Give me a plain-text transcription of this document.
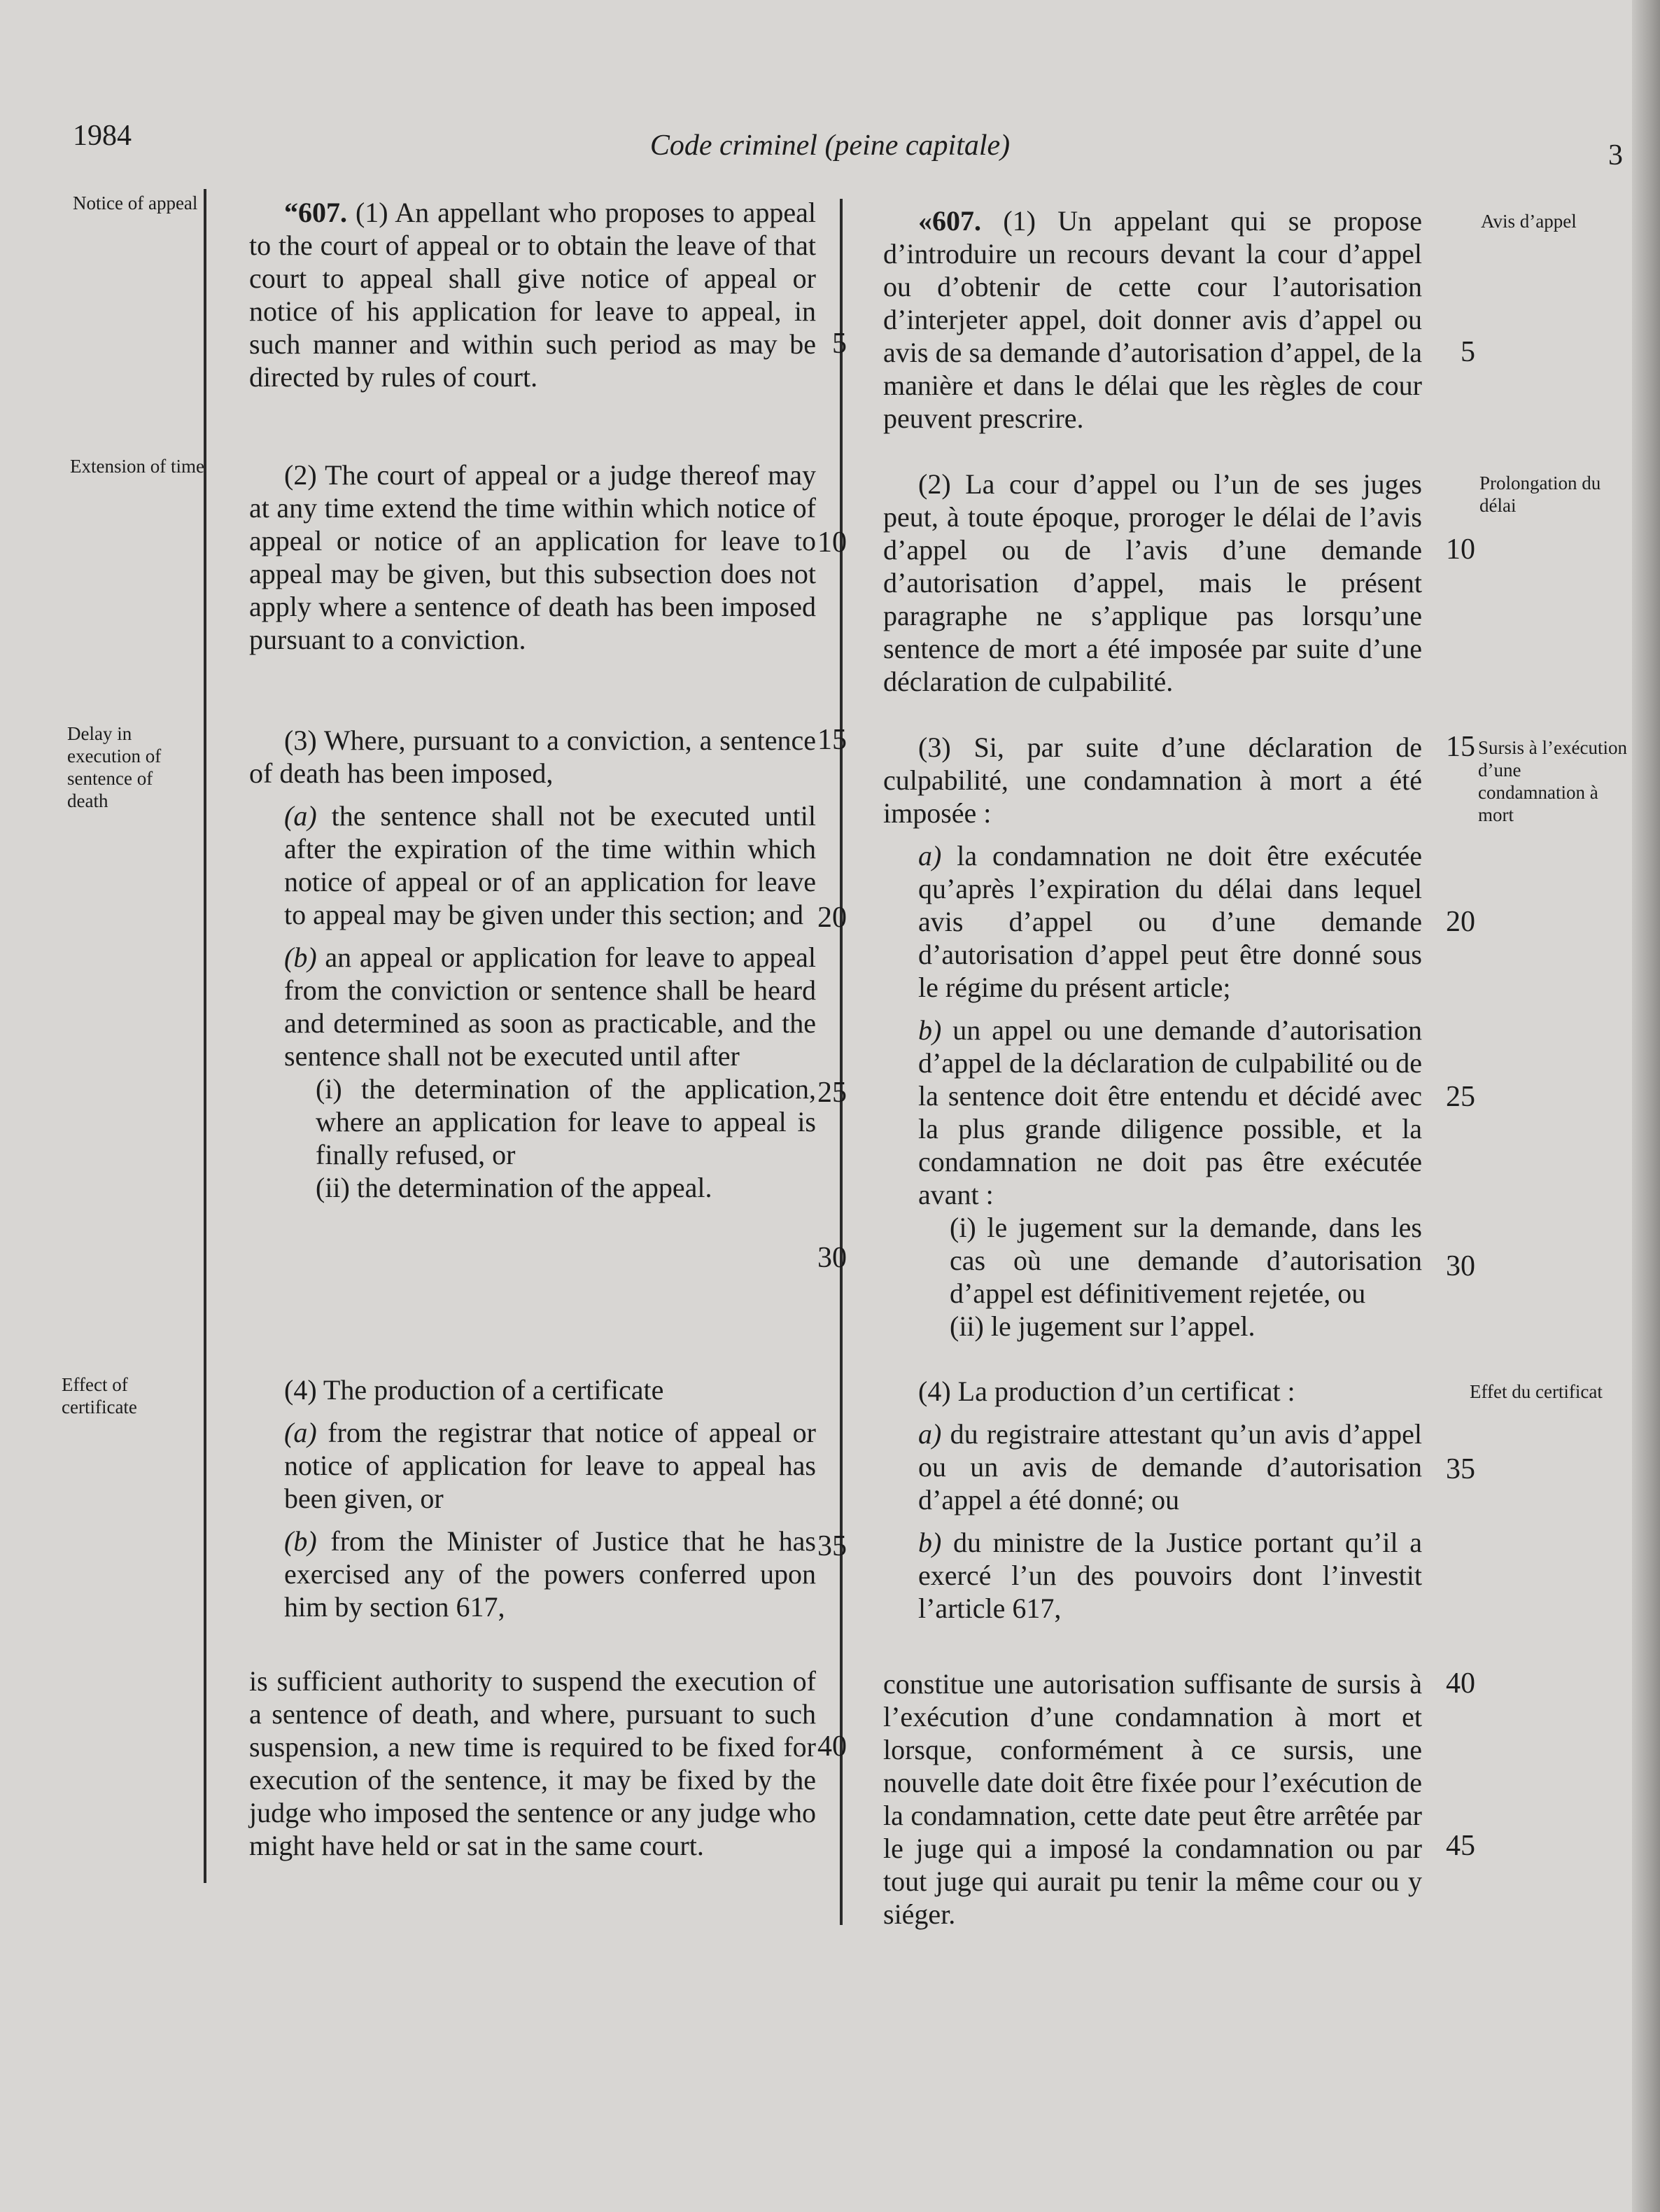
1984	Code criminel (peine capitale)	3
Notice of appeal
Extension of time
Delay in execution of sentence of death
Effect of certificate
Avis d’appel
Prolongation du délai
Sursis à l’exécution d’une condamnation à mort
Effet du certificat
5
10
15
20
25
30
35
40
5
10
15
20
25
30
35
40
45

“607. (1) An appellant who proposes to appeal to the court of appeal or to obtain the leave of that court to appeal shall give notice of appeal or notice of his application for leave to appeal, in such manner and within such period as may be directed by rules of court.

(2) The court of appeal or a judge thereof may at any time extend the time within which notice of appeal or notice of an application for leave to appeal may be given, but this subsection does not apply where a sentence of death has been imposed pursuant to a conviction.

(3) Where, pursuant to a conviction, a sentence of death has been imposed,

(a) the sentence shall not be executed until after the expiration of the time within which notice of appeal or of an application for leave to appeal may be given under this section; and

(b) an appeal or application for leave to appeal from the conviction or sentence shall be heard and determined as soon as practicable, and the sentence shall not be executed until after

(i) the determination of the application, where an application for leave to appeal is finally refused, or

(ii) the determination of the appeal.

(4) The production of a certificate

(a) from the registrar that notice of appeal or notice of application for leave to appeal has been given, or

(b) from the Minister of Justice that he has exercised any of the powers conferred upon him by section 617,

is sufficient authority to suspend the execution of a sentence of death, and where, pursuant to such suspension, a new time is required to be fixed for execution of the sentence, it may be fixed by the judge who imposed the sentence or any judge who might have held or sat in the same court.

«607. (1) Un appelant qui se propose d’introduire un recours devant la cour d’appel ou d’obtenir de cette cour l’autorisation d’interjeter appel, doit donner avis d’appel ou avis de sa demande d’autorisation d’appel, de la manière et dans le délai que les règles de cour peuvent prescrire.

(2) La cour d’appel ou l’un de ses juges peut, à toute époque, proroger le délai de l’avis d’appel ou de l’avis d’une demande d’autorisation d’appel, mais le présent paragraphe ne s’applique pas lorsqu’une sentence de mort a été imposée par suite d’une déclaration de culpabilité.

(3) Si, par suite d’une déclaration de culpabilité, une condamnation à mort a été imposée :

a) la condamnation ne doit être exécutée qu’après l’expiration du délai dans lequel avis d’appel ou d’une demande d’autorisation d’appel peut être donné sous le régime du présent article;

b) un appel ou une demande d’autorisation d’appel de la déclaration de culpabilité ou de la sentence doit être entendu et décidé avec la plus grande diligence possible, et la condamnation ne doit pas être exécutée avant :

(i) le jugement sur la demande, dans les cas où une demande d’autorisation d’appel est définitivement rejetée, ou

(ii) le jugement sur l’appel.

(4) La production d’un certificat :

a) du registraire attestant qu’un avis d’appel ou un avis de demande d’autorisation d’appel a été donné; ou

b) du ministre de la Justice portant qu’il a exercé l’un des pouvoirs dont l’investit l’article 617,

constitue une autorisation suffisante de sursis à l’exécution d’une condamnation à mort et lorsque, conformément à ce sursis, une nouvelle date doit être fixée pour l’exécution de la condamnation, cette date peut être arrêtée par le juge qui a imposé la condamnation ou par tout juge qui aurait pu tenir la même cour ou y siéger.
